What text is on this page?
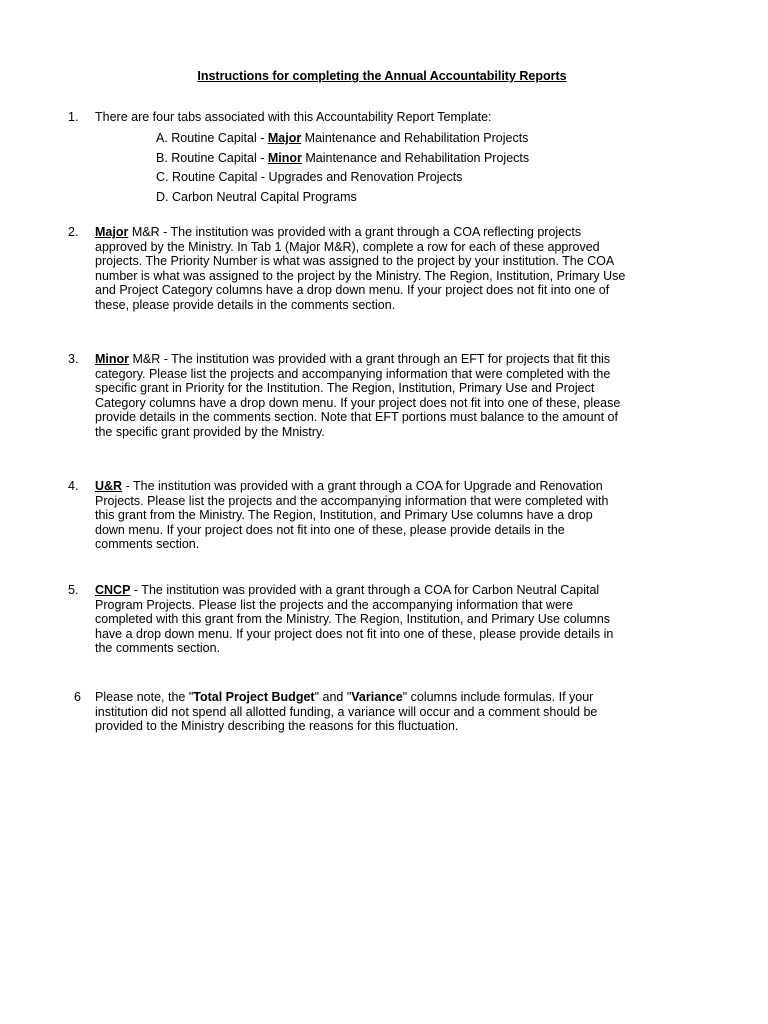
Instructions for completing the Annual Accountability Reports
1.	There are four tabs associated with this Accountability Report Template:
A. Routine Capital - Major Maintenance and Rehabilitation Projects
B. Routine Capital - Minor Maintenance and Rehabilitation Projects
C. Routine Capital - Upgrades and Renovation Projects
D. Carbon Neutral Capital Programs
2.	Major M&R - The institution was provided with a grant through a COA reflecting projects
approved by the Ministry. In Tab 1 (Major M&R), complete a row for each of these approved
projects. The Priority Number is what was assigned to the project by your institution. The COA
number is what was assigned to the project by the Ministry. The Region, Institution, Primary Use
and Project Category columns have a drop down menu. If your project does not fit into one of
these, please provide details in the comments section.
3.	Minor M&R - The institution was provided with a grant through an EFT for projects that fit this
category. Please list the projects and accompanying information that were completed with the
specific grant in Priority for the Institution. The Region, Institution, Primary Use and Project
Category columns have a drop down menu. If your project does not fit into one of these, please
provide details in the comments section. Note that EFT portions must balance to the amount of
the specific grant provided by the Mnistry.
4.	U&R - The institution was provided with a grant through a COA for Upgrade and Renovation
Projects. Please list the projects and the accompanying information that were completed with
this grant from the Ministry. The Region, Institution, and Primary Use columns have a drop
down menu. If your project does not fit into one of these, please provide details in the
comments section.
5.	CNCP - The institution was provided with a grant through a COA for Carbon Neutral Capital
Program Projects. Please list the projects and the accompanying information that were
completed with this grant from the Ministry. The Region, Institution, and Primary Use columns
have a drop down menu. If your project does not fit into one of these, please provide details in
the comments section.
6	Please note, the "Total Project Budget" and "Variance" columns include formulas. If your
institution did not spend all allotted funding, a variance will occur and a comment should be
provided to the Ministry describing the reasons for this fluctuation.
